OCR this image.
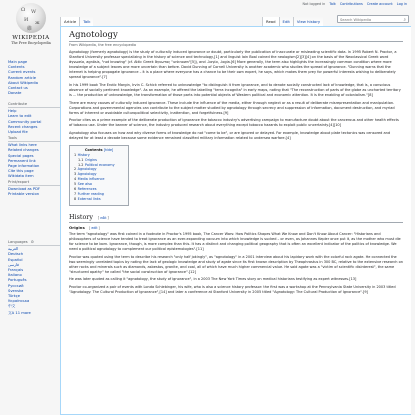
Ω W
И ж
維
WIKIPEDIA
The Free Encyclopedia
Main page
Contents
Current events
Random article
About Wikipedia
Contact us
Donate
Contribute
Help
Learn to edit
Community portal
Recent changes
Upload file
Tools
What links here
Related changes
Special pages
Permanent link
Page information
Cite this page
Wikidata item
Print/export
Download as PDF
Printable version
Languages ⚙
العربية
Deutsch
Español
فارسی
Français
Italiano
Português
Русский
Svenska
Türkçe
Українська
中文
文A 11 more
Not logged in Talk Contributions Create account Log in
Article	Talk	Read	Edit	View history
Search Wikipedia	⌕
Agnotology
From Wikipedia, the free encyclopedia

Agnotology (formerly agnatology) is the study of culturally induced ignorance or doubt, particularly the publication of inaccurate or misleading scientific data. In 1995 Robert N. Proctor, a Stanford University professor specializing in the history of science and technology,[1] and linguist Iain Boal coined the neologism[2][3][4] on the basis of the Neoclassical Greek word ἀγνωσία, agnōsis, "not knowing" (cf. Attic Greek ἄγνωτος "unknown"[5]), and -λογία, -logia.[6] More generally, the term also highlights the increasingly common condition where more knowledge of a subject leaves one more uncertain than before. David Dunning of Cornell University is another academic who studies the spread of ignorance. "Dunning warns that the internet is helping propagate ignorance – it is a place where everyone has a chance to be their own expert, he says, which makes them prey for powerful interests wishing to deliberately spread ignorance".[7]

In his 1999 book The Erotic Margin, Irvin C. Schick referred to unknowledge "to distinguish it from ignorance, and to denote socially constructed lack of knowledge, that is, a conscious absence of socially pertinent knowledge". As an example, he offered the labelling "terra incognita" in early maps, noting that "The reconstruction of parts of the globe as uncharted territory is ... the production of unknowledge, the transformation of those parts into potential objects of Western political and economic attention. It is the enabling of colonialism."[8]

There are many causes of culturally induced ignorance. These include the influence of the media, either through neglect or as a result of deliberate misrepresentation and manipulation. Corporations and governmental agencies can contribute to the subject matter studied by agnotology through secrecy and suppression of information, document destruction, and myriad forms of inherent or avoidable culturopolitical selectivity, inattention, and forgetfulness.[9]

Proctor cites as a prime example of the deliberate production of ignorance the tobacco industry's advertising campaign to manufacture doubt about the cancerous and other health effects of tobacco use. Under the banner of science, the industry produced research about everything except tobacco hazards to exploit public uncertainty.[4][10]

Agnotology also focuses on how and why diverse forms of knowledge do not "come to be", or are ignored or delayed. For example, knowledge about plate tectonics was censored and delayed for at least a decade because some evidence remained classified military information related to undersea warfare.[4]

Contents [hide]
1 History
1.1 Origins
1.2 Political economy
2 Agnoiology
3 Agnoiology
4 Media influence
5 See also
6 References
7 Further reading
8 External links
History [ edit ]
Origins [ edit ]

The term "agnotology" was first coined in a footnote in Proctor's 1995 book, The Cancer Wars: How Politics Shapes What We Know and Don't Know About Cancer: "Historians and philosophers of science have tended to treat ignorance as an ever-expanding vacuum into which knowledge is sucked – or even, as Johannes Kepler once put it, as the mother who must die for science to be born. Ignorance, though, is more complex than this. It has a distinct and changing political geography that is often an excellent indicator of the politics of knowledge. We need a political agnotology to complement our political epistemologies".[11]

Proctor was quoted using the term to describe his research "only half jokingly", as "agnotology" in a 2001 interview about his lapidary work with the colorful rock agate. He connected the two seemingly unrelated topics by noting the lack of geologic knowledge and study of agate since its first known description by Theophrastus in 300 BC, relative to the extensive research on other rocks and minerals such as diamonds, asbestos, granite, and coal, all of which have much higher commercial value. He said agate was a "victim of scientific disinterest", the same "structured apathy" he called "the social construction of ignorance".[12]

He was later quoted as calling it "agnotology, the study of ignorance", in a 2003 The New York Times story on medical historians testifying as expert witnesses.[13]

Proctor co-organized a pair of events with Londa Schiebinger, his wife, who is also a science history professor: the first was a workshop at the Pennsylvania State University in 2003 titled "Agnotology: The Cultural Production of Ignorance",[14] and later a conference at Stanford University in 2005 titled "Agnotology: The Cultural Production of Ignorance".[9]
